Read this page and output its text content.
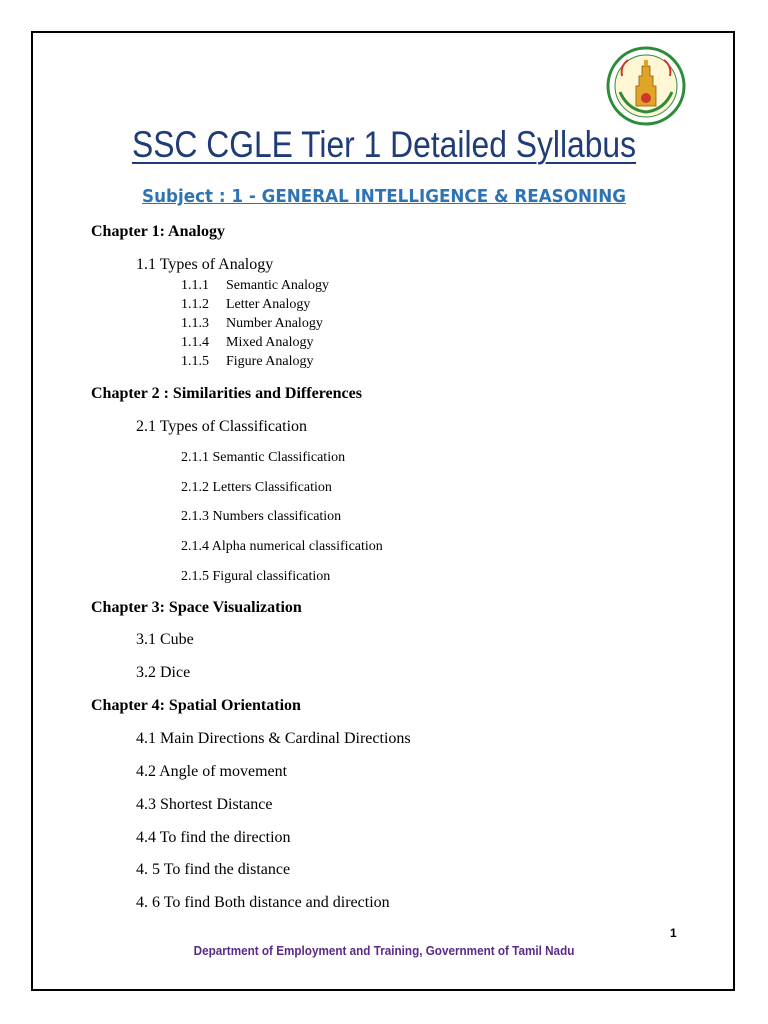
SSC CGLE Tier 1 Detailed Syllabus
Subject : 1 - GENERAL INTELLIGENCE & REASONING
Chapter 1: Analogy
1.1 Types of Analogy
1.1.1 Semantic Analogy
1.1.2 Letter Analogy
1.1.3 Number Analogy
1.1.4 Mixed Analogy
1.1.5 Figure Analogy
Chapter 2 : Similarities and Differences
2.1 Types of Classification
2.1.1 Semantic Classification
2.1.2 Letters Classification
2.1.3 Numbers classification
2.1.4 Alpha numerical classification
2.1.5 Figural classification
Chapter 3: Space Visualization
3.1 Cube
3.2 Dice
Chapter 4: Spatial Orientation
4.1 Main Directions & Cardinal Directions
4.2 Angle of movement
4.3 Shortest Distance
4.4 To find the direction
4. 5 To find the distance
4. 6 To find Both distance and direction
1
Department of Employment and Training, Government of Tamil Nadu
